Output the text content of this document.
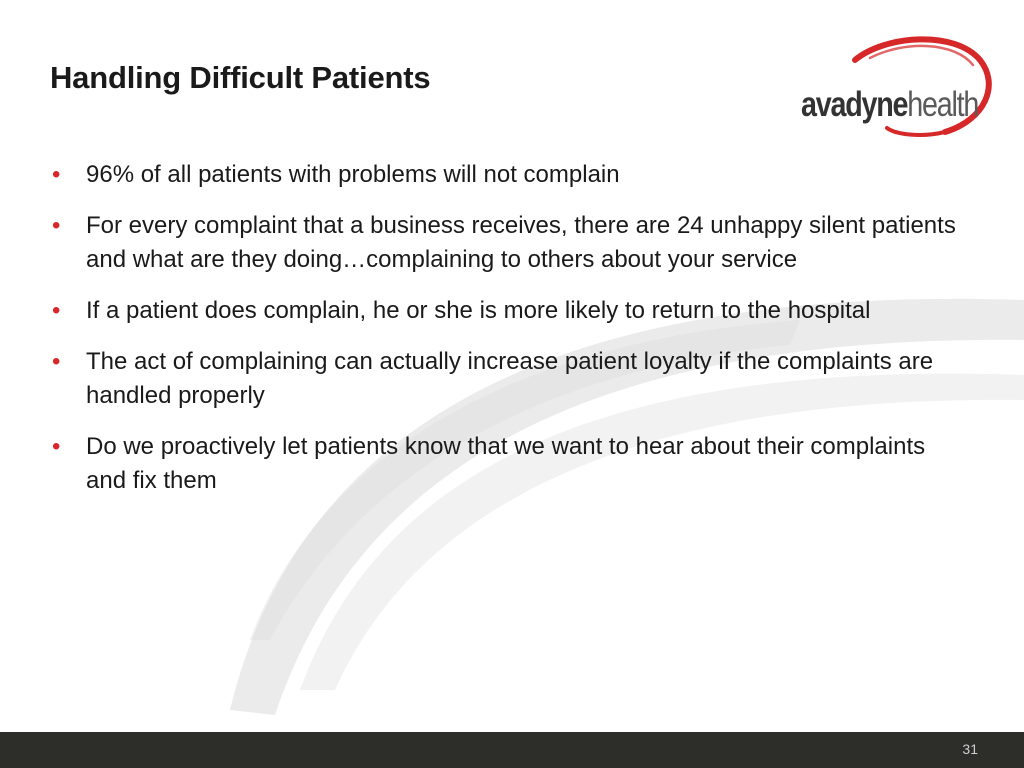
Handling Difficult Patients
avadynehealth
• 96% of all patients with problems will not complain
• For every complaint that a business receives, there are 24 unhappy silent patients and what are they doing…complaining to others about your service
• If a patient does complain, he or she is more likely to return to the hospital
• The act of complaining can actually increase patient loyalty if the complaints are handled properly
• Do we proactively let patients know that we want to hear about their complaints and fix them
31
